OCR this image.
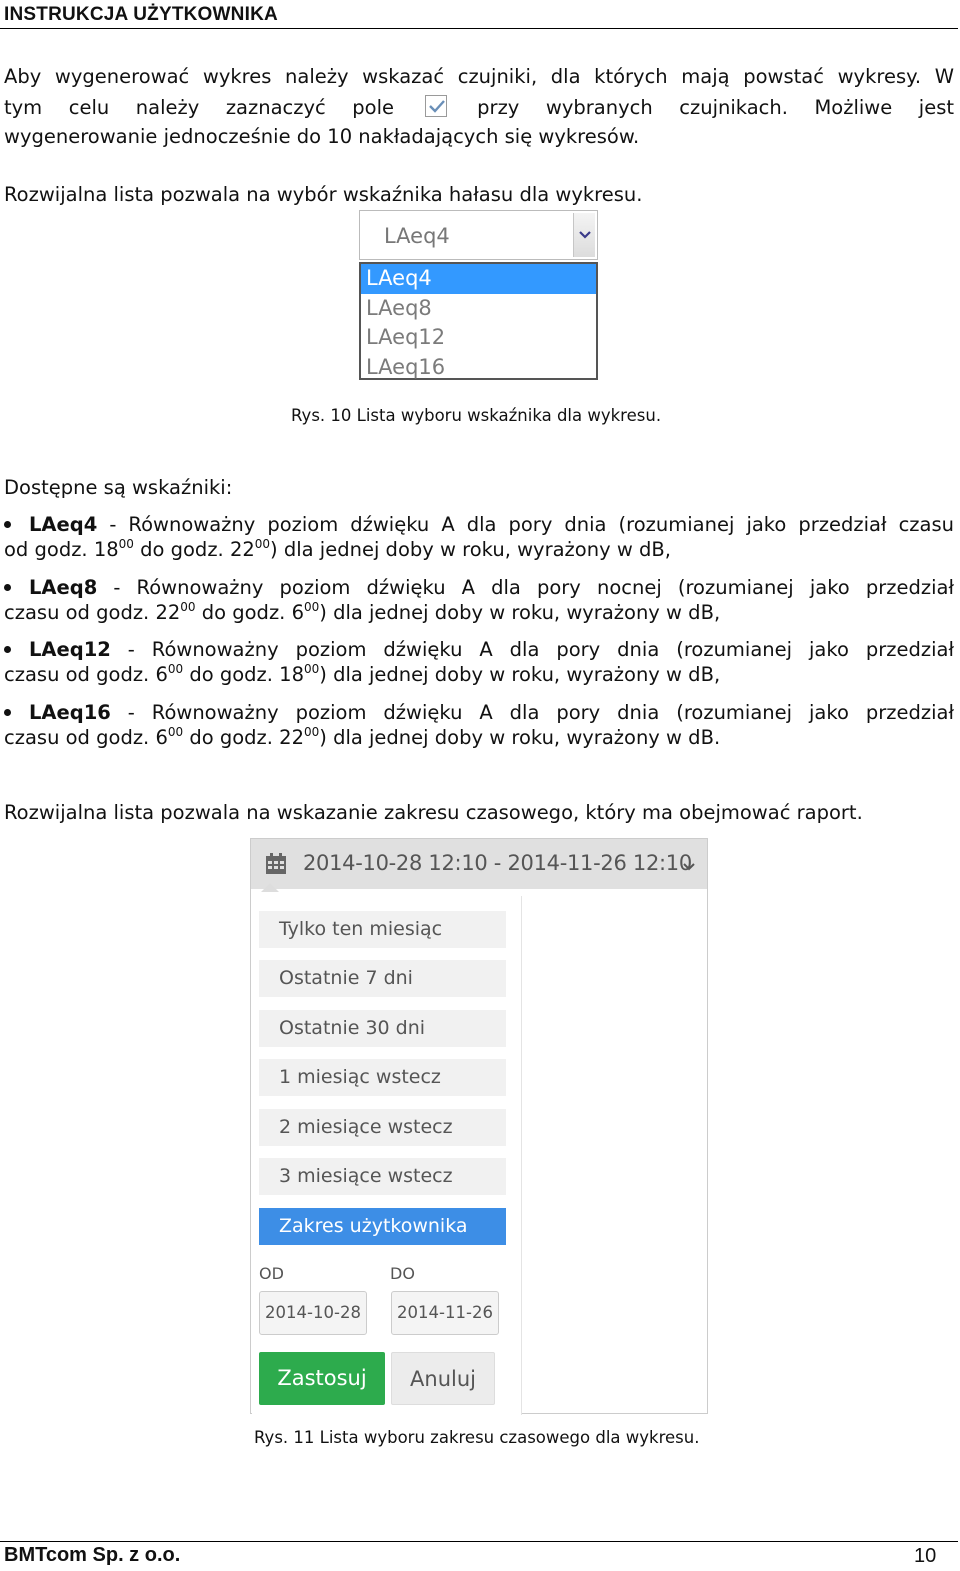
INSTRUKCJA UŻYTKOWNIKA
Aby wygenerować wykres należy wskazać czujniki, dla których mają powstać wykresy. W
tym celu należy zaznaczyć pole	przy wybranych czujnikach. Możliwe jest
wygenerowanie jednocześnie do 10 nakładających się wykresów.
Rozwijalna lista pozwala na wybór wskaźnika hałasu dla wykresu.
LAeq4
LAeq4
LAeq8
LAeq12
LAeq16
Rys. 10 Lista wyboru wskaźnika dla wykresu.
Dostępne są wskaźniki:
LAeq4 - Równoważny poziom dźwięku A dla pory dnia (rozumianej jako przedział czasu
od godz. $18^{00}$ do godz. $22^{00}$) dla jednej doby w roku, wyrażony w dB,
LAeq8 - Równoważny poziom dźwięku A dla pory nocnej (rozumianej jako przedział
czasu od godz. $22^{00}$ do godz. $6^{00}$) dla jednej doby w roku, wyrażony w dB,
LAeq12 - Równoważny poziom dźwięku A dla pory dnia (rozumianej jako przedział
czasu od godz. $6^{00}$ do godz. $18^{00}$) dla jednej doby w roku, wyrażony w dB,
LAeq16 - Równoważny poziom dźwięku A dla pory dnia (rozumianej jako przedział
czasu od godz. $6^{00}$ do godz. $22^{00}$) dla jednej doby w roku, wyrażony w dB.
Rozwijalna lista pozwala na wskazanie zakresu czasowego, który ma obejmować raport.
2014-10-28 12:10 - 2014-11-26 12:10
Tylko ten miesiąc
Ostatnie 7 dni
Ostatnie 30 dni
1 miesiąc wstecz
2 miesiące wstecz
3 miesiące wstecz
Zakres użytkownika
OD	DO
2014-10-28	2014-11-26
Zastosuj	Anuluj
Rys. 11 Lista wyboru zakresu czasowego dla wykresu.
BMTcom Sp. z o.o.	10
